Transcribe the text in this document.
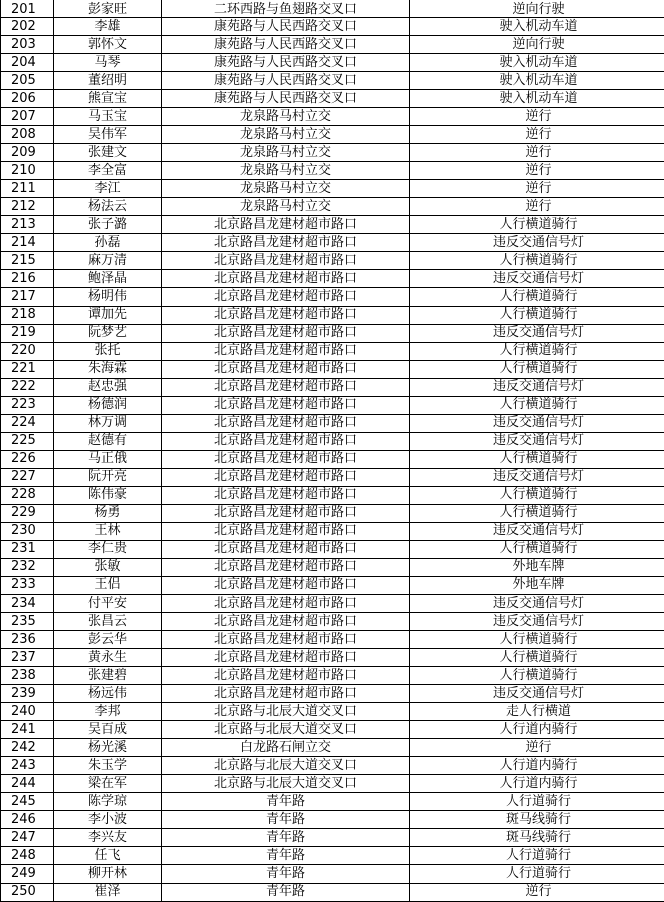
201	彭家旺	二环西路与鱼翅路交叉口	逆向行驶
202	李雄	康苑路与人民西路交叉口	驶入机动车道
203	郭怀文	康苑路与人民西路交叉口	逆向行驶
204	马琴	康苑路与人民西路交叉口	驶入机动车道
205	董绍明	康苑路与人民西路交叉口	驶入机动车道
206	熊宣宝	康苑路与人民西路交叉口	驶入机动车道
207	马玉宝	龙泉路马村立交	逆行
208	吴伟军	龙泉路马村立交	逆行
209	张建文	龙泉路马村立交	逆行
210	李全富	龙泉路马村立交	逆行
211	李江	龙泉路马村立交	逆行
212	杨法云	龙泉路马村立交	逆行
213	张子潞	北京路昌龙建材超市路口	人行横道骑行
214	孙磊	北京路昌龙建材超市路口	违反交通信号灯
215	麻万清	北京路昌龙建材超市路口	人行横道骑行
216	鲍泽晶	北京路昌龙建材超市路口	违反交通信号灯
217	杨明伟	北京路昌龙建材超市路口	人行横道骑行
218	谭加先	北京路昌龙建材超市路口	人行横道骑行
219	阮梦艺	北京路昌龙建材超市路口	违反交通信号灯
220	张托	北京路昌龙建材超市路口	人行横道骑行
221	朱海霖	北京路昌龙建材超市路口	人行横道骑行
222	赵忠强	北京路昌龙建材超市路口	违反交通信号灯
223	杨德润	北京路昌龙建材超市路口	人行横道骑行
224	林万调	北京路昌龙建材超市路口	违反交通信号灯
225	赵德有	北京路昌龙建材超市路口	违反交通信号灯
226	马正俄	北京路昌龙建材超市路口	人行横道骑行
227	阮开亮	北京路昌龙建材超市路口	违反交通信号灯
228	陈伟豪	北京路昌龙建材超市路口	人行横道骑行
229	杨勇	北京路昌龙建材超市路口	人行横道骑行
230	王林	北京路昌龙建材超市路口	违反交通信号灯
231	李仁贵	北京路昌龙建材超市路口	人行横道骑行
232	张敏	北京路昌龙建材超市路口	外地车牌
233	王侣	北京路昌龙建材超市路口	外地车牌
234	付平安	北京路昌龙建材超市路口	违反交通信号灯
235	张昌云	北京路昌龙建材超市路口	违反交通信号灯
236	彭云华	北京路昌龙建材超市路口	人行横道骑行
237	黄永生	北京路昌龙建材超市路口	人行横道骑行
238	张建碧	北京路昌龙建材超市路口	人行横道骑行
239	杨远伟	北京路昌龙建材超市路口	违反交通信号灯
240	李邦	北京路与北辰大道交叉口	走人行横道
241	吴百成	北京路与北辰大道交叉口	人行道内骑行
242	杨光溪	白龙路石闸立交	逆行
243	朱玉学	北京路与北辰大道交叉口	人行道内骑行
244	梁在军	北京路与北辰大道交叉口	人行道内骑行
245	陈学琼	青年路	人行道骑行
246	李小波	青年路	斑马线骑行
247	李兴友	青年路	斑马线骑行
248	任飞	青年路	人行道骑行
249	柳开林	青年路	人行道骑行
250	崔泽	青年路	逆行
